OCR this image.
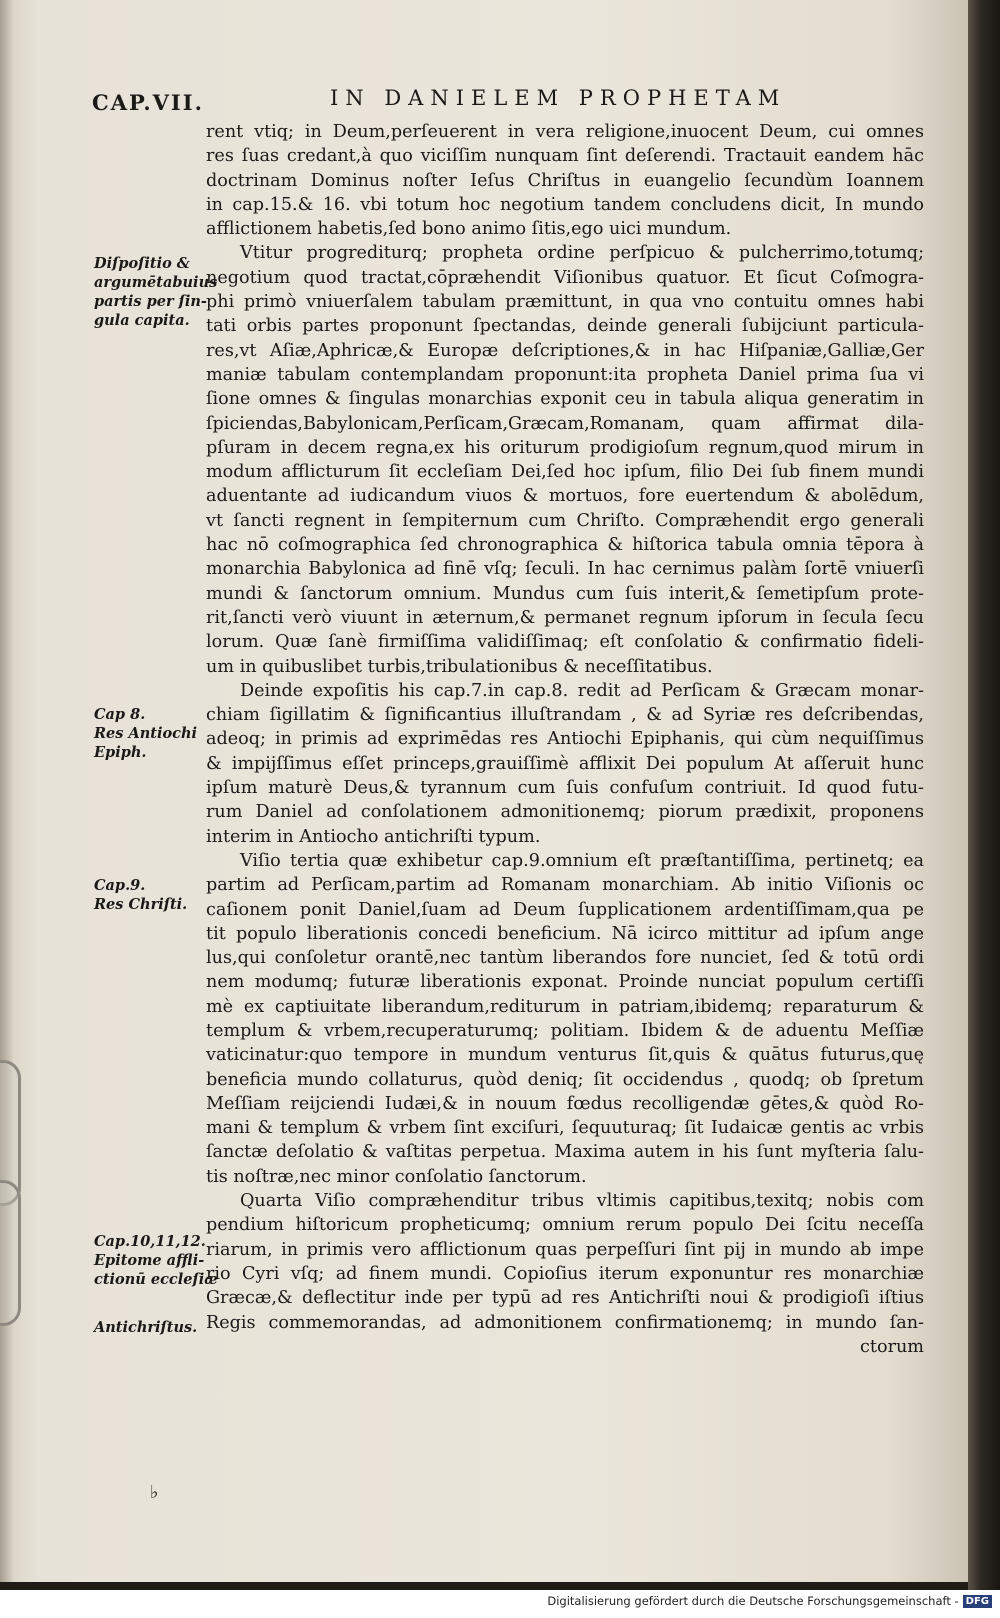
CAP.VII.	IN DANIELEM PROPHETAM
Diſpoſitio &
argumētabuius
partis per ſin-
gula capita.
Cap 8.
Res Antiochi
Epiph.
Cap.9.
Res Chriſti.
Cap.10,11,12.
Epitome affli-
ctionū eccleſiæ
Antichriſtus.
rent vtiq; in Deum,perſeuerent in vera religione,inuocent Deum, cui omnes
res ſuas credant,à quo viciſſim nunquam ſint deſerendi. Tractauit eandem hāc
doctrinam Dominus noſter Ieſus Chriſtus in euangelio ſecundùm Ioannem
in cap.15.& 16. vbi totum hoc negotium tandem concludens dicit, In mundo
afflictionem habetis,ſed bono animo ſitis,ego uici mundum.
Vtitur progrediturq; propheta ordine perſpicuo & pulcherrimo,totumq;
negotium quod tractat,cōpræhendit Viſionibus quatuor. Et ſicut Coſmogra-
phi primò vniuerſalem tabulam præmittunt, in qua vno contuitu omnes habi
tati orbis partes proponunt ſpectandas, deinde generali ſubijciunt particula-
res,vt Aſiæ,Aphricæ,& Europæ deſcriptiones,& in hac Hiſpaniæ,Galliæ,Ger
maniæ tabulam contemplandam proponunt:ita propheta Daniel prima ſua vi
ſione omnes & ſingulas monarchias exponit ceu in tabula aliqua generatim in
ſpiciendas,Babylonicam,Perſicam,Græcam,Romanam, quam affirmat dila-
pſuram in decem regna,ex his oriturum prodigioſum regnum,quod mirum in
modum afflicturum ſit eccleſiam Dei,ſed hoc ipſum, filio Dei ſub finem mundi
aduentante ad iudicandum viuos & mortuos, fore euertendum & abolēdum,
vt ſancti regnent in ſempiternum cum Chriſto. Compræhendit ergo generali
hac nō coſmographica ſed chronographica & hiſtorica tabula omnia tēpora à
monarchia Babylonica ad finē vſq; ſeculi. In hac cernimus palàm ſortē vniuerſi
mundi & ſanctorum omnium. Mundus cum ſuis interit,& ſemetipſum prote-
rit,ſancti verò viuunt in æternum,& permanet regnum ipſorum in ſecula ſecu
lorum. Quæ ſanè firmiſſima validiſſimaq; eſt conſolatio & confirmatio fideli-
um in quibuslibet turbis,tribulationibus & neceſſitatibus.
Deinde expoſitis his cap.7.in cap.8. redit ad Perſicam & Græcam monar-
chiam ſigillatim & ſignificantius illuſtrandam , & ad Syriæ res deſcribendas,
adeoq; in primis ad exprimēdas res Antiochi Epiphanis, qui cùm nequiſſimus
& impijſſimus eſſet princeps,grauiſſimè afflixit Dei populum At aſſeruit hunc
ipſum maturè Deus,& tyrannum cum ſuis confuſum contriuit. Id quod futu-
rum Daniel ad conſolationem admonitionemq; piorum prædixit, proponens
interim in Antiocho antichriſti typum.
Viſio tertia quæ exhibetur cap.9.omnium eſt præſtantiſſima, pertinetq; ea
partim ad Perſicam,partim ad Romanam monarchiam. Ab initio Viſionis oc
caſionem ponit Daniel,ſuam ad Deum ſupplicationem ardentiſſimam,qua pe
tit populo liberationis concedi beneficium. Nā icirco mittitur ad ipſum ange
lus,qui conſoletur orantē,nec tantùm liberandos fore nunciet, ſed & totū ordi
nem modumq; futuræ liberationis exponat. Proinde nunciat populum certiſſi
mè ex captiuitate liberandum,rediturum in patriam,ibidemq; reparaturum &
templum & vrbem,recuperaturumq; politiam. Ibidem & de aduentu Meſſiæ
vaticinatur:quo tempore in mundum venturus ſit,quis & quātus futurus,quę
beneficia mundo collaturus, quòd deniq; ſit occidendus , quodq; ob ſpretum
Meſſiam reijciendi Iudæi,& in nouum fœdus recolligendæ gētes,& quòd Ro-
mani & templum & vrbem ſint exciſuri, ſequuturaq; ſit Iudaicæ gentis ac vrbis
ſanctæ deſolatio & vaſtitas perpetua. Maxima autem in his ſunt myſteria ſalu-
tis noſtræ,nec minor conſolatio ſanctorum.
Quarta Viſio compræhenditur tribus vltimis capitibus,texitq; nobis com
pendium hiſtoricum propheticumq; omnium rerum populo Dei ſcitu neceſſa
riarum, in primis vero afflictionum quas perpeſſuri ſint pij in mundo ab impe
rio Cyri vſq; ad finem mundi. Copioſius iterum exponuntur res monarchiæ
Græcæ,& deflectitur inde per typū ad res Antichriſti noui & prodigioſi iſtius
Regis commemorandas, ad admonitionem confirmationemq; in mundo ſan-
ctorum
♭
Digitalisierung gefördert durch die Deutsche Forschungsgemeinschaft - DFG
